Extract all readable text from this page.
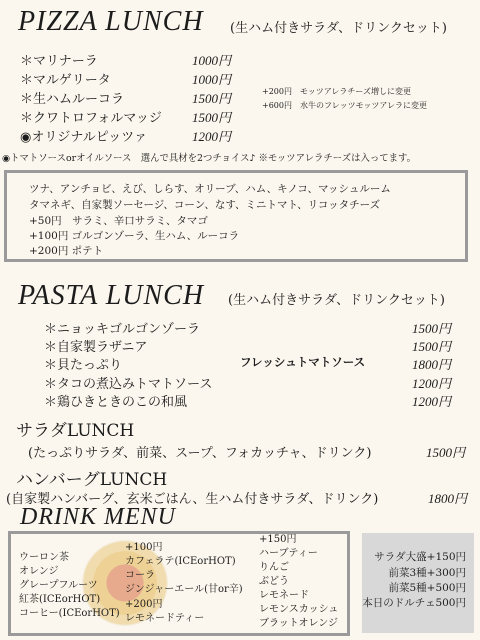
PIZZA LUNCH (生ハム付きサラダ、ドリンクセット)
＊マリナーラ	1000円
＊マルゲリータ	1000円
＊生ハムルーコラ	1500円
＊クワトロフォルマッジ 1500円
◉オリジナルピッツァ	1200円
+200円　モッツアレラチーズ増しに変更
+600円　水牛のフレッツモッツアレラに変更
◉トマトソースorオイルソース　選んで具材を2つチョイス♪ ※モッツアレラチーズは入ってます。
ツナ、アンチョビ、えび、しらす、オリーブ、ハム、キノコ、マッシュルーム
タマネギ、自家製ソーセージ、コーン、なす、ミニトマト、リコッタチーズ
+50円　サラミ、辛口サラミ、タマゴ
+100円 ゴルゴンゾーラ、生ハム、ルーコラ
+200円 ポテト
PASTA LUNCH (生ハム付きサラダ、ドリンクセット)
＊ニョッキゴルゴンゾーラ	1500円
＊自家製ラザニア	1500円
＊貝たっぷり	フレッシュトマトソース	1800円
＊タコの煮込みトマトソース	1200円
＊鶏ひきときのこの和風	1200円
サラダLUNCH
(たっぷりサラダ、前菜、スープ、フォカッチャ、ドリンク)	1500円
ハンバーグLUNCH
(自家製ハンバーグ、玄米ごはん、生ハム付きサラダ、ドリンク)	1800円
DRINK MENU
ウーロン茶
オレンジ
グレープフルーツ
紅茶(ICEorHOT)
コーヒー(ICEorHOT)
+100円
カフェラテ(ICEorHOT)
コーラ
ジンジャーエール(甘or辛)
+200円
レモネードティー
+150円
ハーブティー
りんご
ぶどう
レモネード
レモンスカッシュ
ブラットオレンジ
サラダ大盛+150円
前菜3種+300円
前菜5種+500円
本日のドルチェ500円
